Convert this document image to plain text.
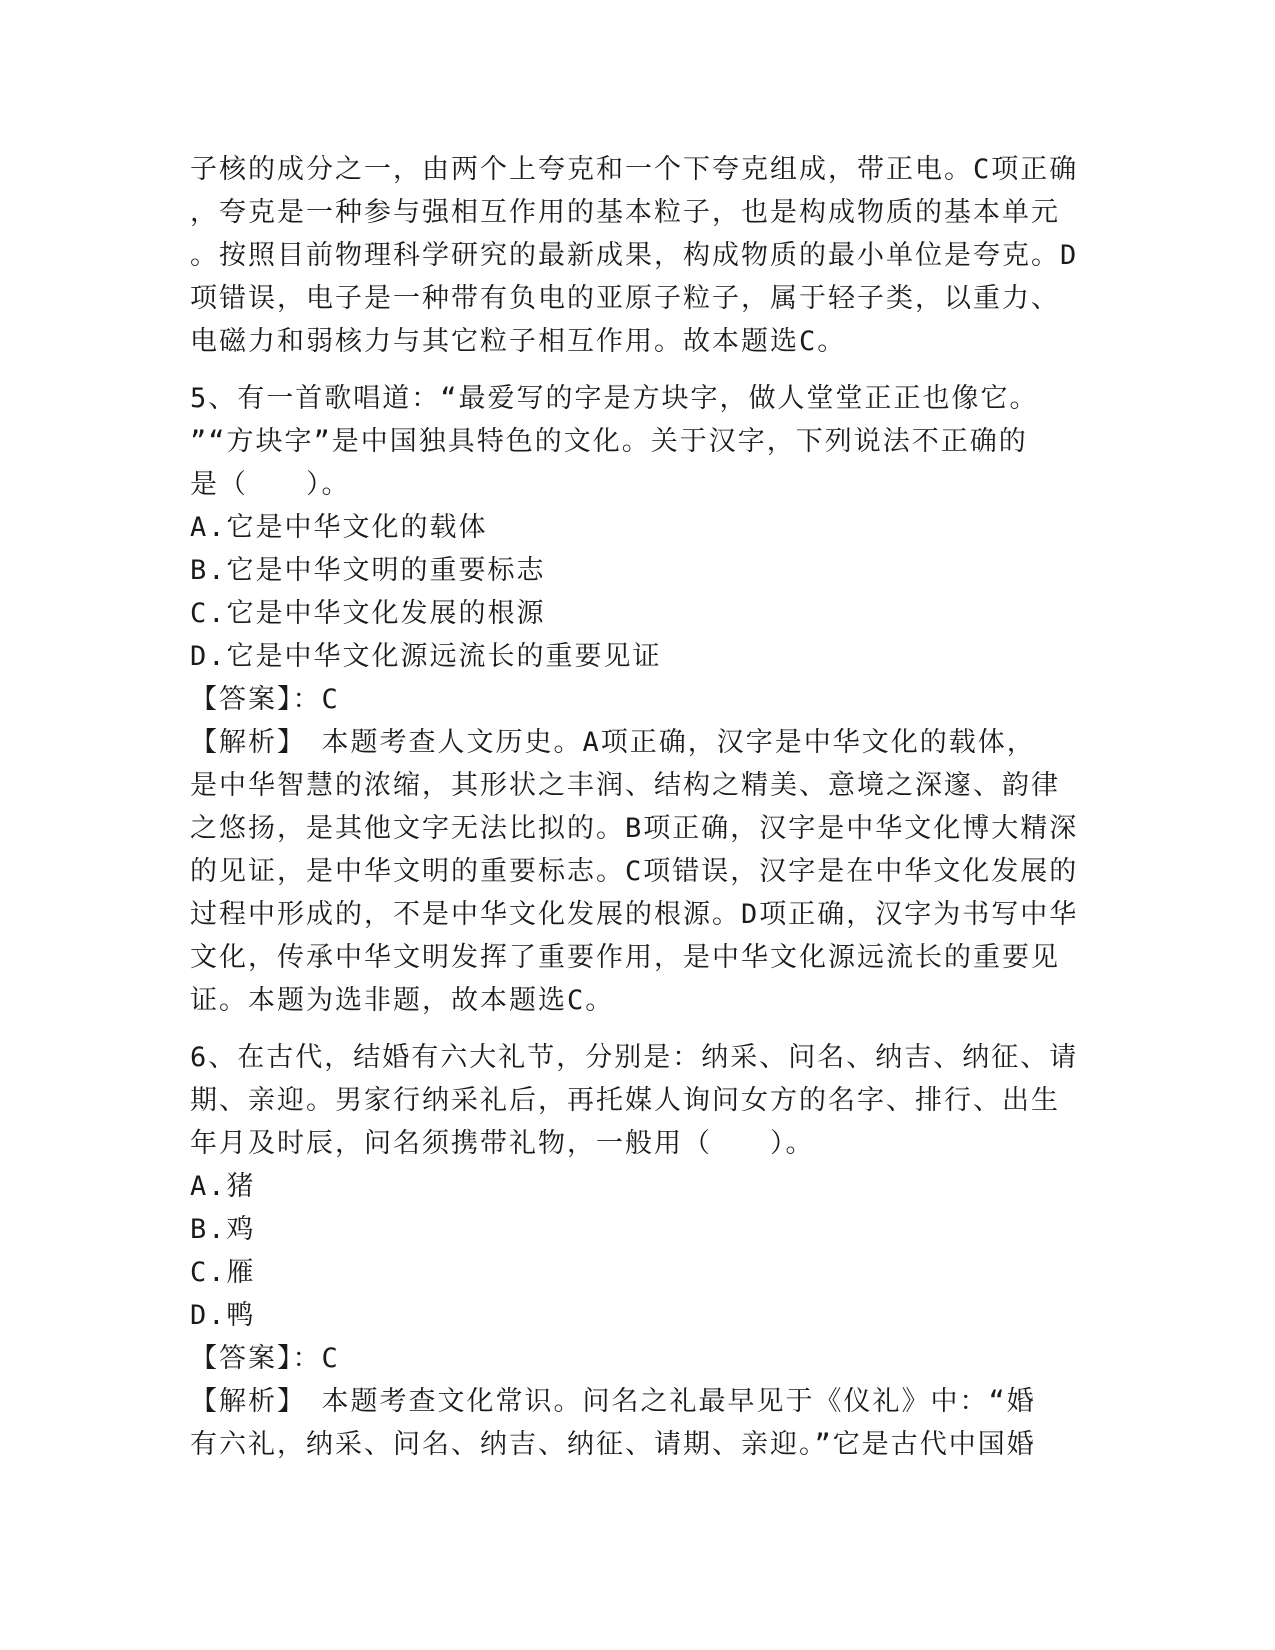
子核的成分之一，由两个上夸克和一个下夸克组成，带正电。C项正确
，夸克是一种参与强相互作用的基本粒子，也是构成物质的基本单元
。按照目前物理科学研究的最新成果，构成物质的最小单位是夸克。D
项错误，电子是一种带有负电的亚原子粒子，属于轻子类，以重力、
电磁力和弱核力与其它粒子相互作用。故本题选C。
5、有一首歌唱道：“最爱写的字是方块字，做人堂堂正正也像它。
”“方块字”是中国独具特色的文化。关于汉字，下列说法不正确的
是（　　）。
A.它是中华文化的载体
B.它是中华文明的重要标志
C.它是中华文化发展的根源
D.它是中华文化源远流长的重要见证
【答案】：C
【解析】　本题考查人文历史。A项正确，汉字是中华文化的载体，
是中华智慧的浓缩，其形状之丰润、结构之精美、意境之深邃、韵律
之悠扬，是其他文字无法比拟的。B项正确，汉字是中华文化博大精深
的见证，是中华文明的重要标志。C项错误，汉字是在中华文化发展的
过程中形成的，不是中华文化发展的根源。D项正确，汉字为书写中华
文化，传承中华文明发挥了重要作用，是中华文化源远流长的重要见
证。本题为选非题，故本题选C。
6、在古代，结婚有六大礼节，分别是：纳采、问名、纳吉、纳征、请
期、亲迎。男家行纳采礼后，再托媒人询问女方的名字、排行、出生
年月及时辰，问名须携带礼物，一般用（　　）。
A.猪
B.鸡
C.雁
D.鸭
【答案】：C
【解析】　本题考查文化常识。问名之礼最早见于《仪礼》中：“婚
有六礼，纳采、问名、纳吉、纳征、请期、亲迎。”它是古代中国婚
